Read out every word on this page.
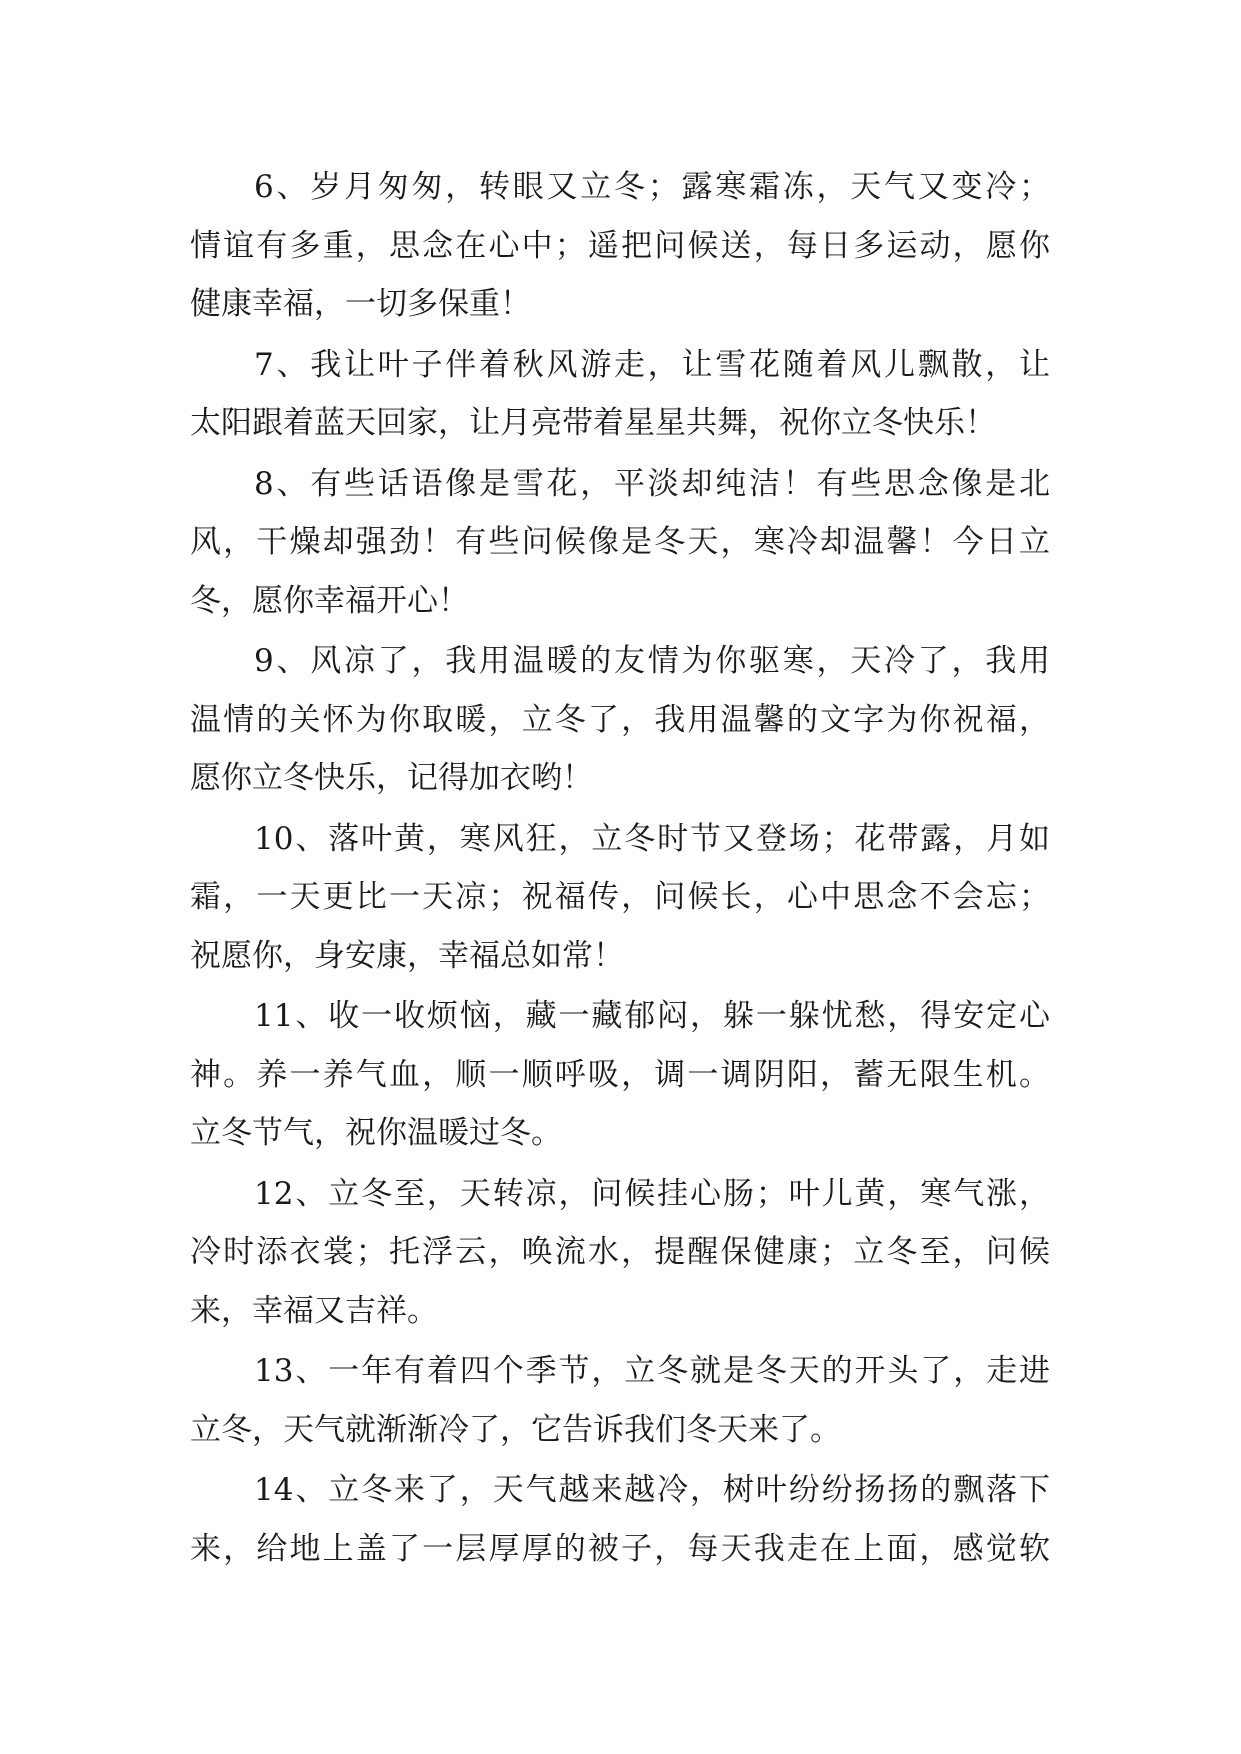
6、岁月匆匆，转眼又立冬；露寒霜冻，天气又变冷；
情谊有多重，思念在心中；遥把问候送，每日多运动，愿你
健康幸福，一切多保重！

7、我让叶子伴着秋风游走，让雪花随着风儿飘散，让
太阳跟着蓝天回家，让月亮带着星星共舞，祝你立冬快乐！

8、有些话语像是雪花，平淡却纯洁！有些思念像是北
风，干燥却强劲！有些问候像是冬天，寒冷却温馨！今日立
冬，愿你幸福开心！

9、风凉了，我用温暖的友情为你驱寒，天冷了，我用
温情的关怀为你取暖，立冬了，我用温馨的文字为你祝福，
愿你立冬快乐，记得加衣哟！

10、落叶黄，寒风狂，立冬时节又登场；花带露，月如
霜，一天更比一天凉；祝福传，问候长，心中思念不会忘；
祝愿你，身安康，幸福总如常！

11、收一收烦恼，藏一藏郁闷，躲一躲忧愁，得安定心
神。养一养气血，顺一顺呼吸，调一调阴阳，蓄无限生机。
立冬节气，祝你温暖过冬。

12、立冬至，天转凉，问候挂心肠；叶儿黄，寒气涨，
冷时添衣裳；托浮云，唤流水，提醒保健康；立冬至，问候
来，幸福又吉祥。

13、一年有着四个季节，立冬就是冬天的开头了，走进
立冬，天气就渐渐冷了，它告诉我们冬天来了。

14、立冬来了，天气越来越冷，树叶纷纷扬扬的飘落下
来，给地上盖了一层厚厚的被子，每天我走在上面，感觉软
